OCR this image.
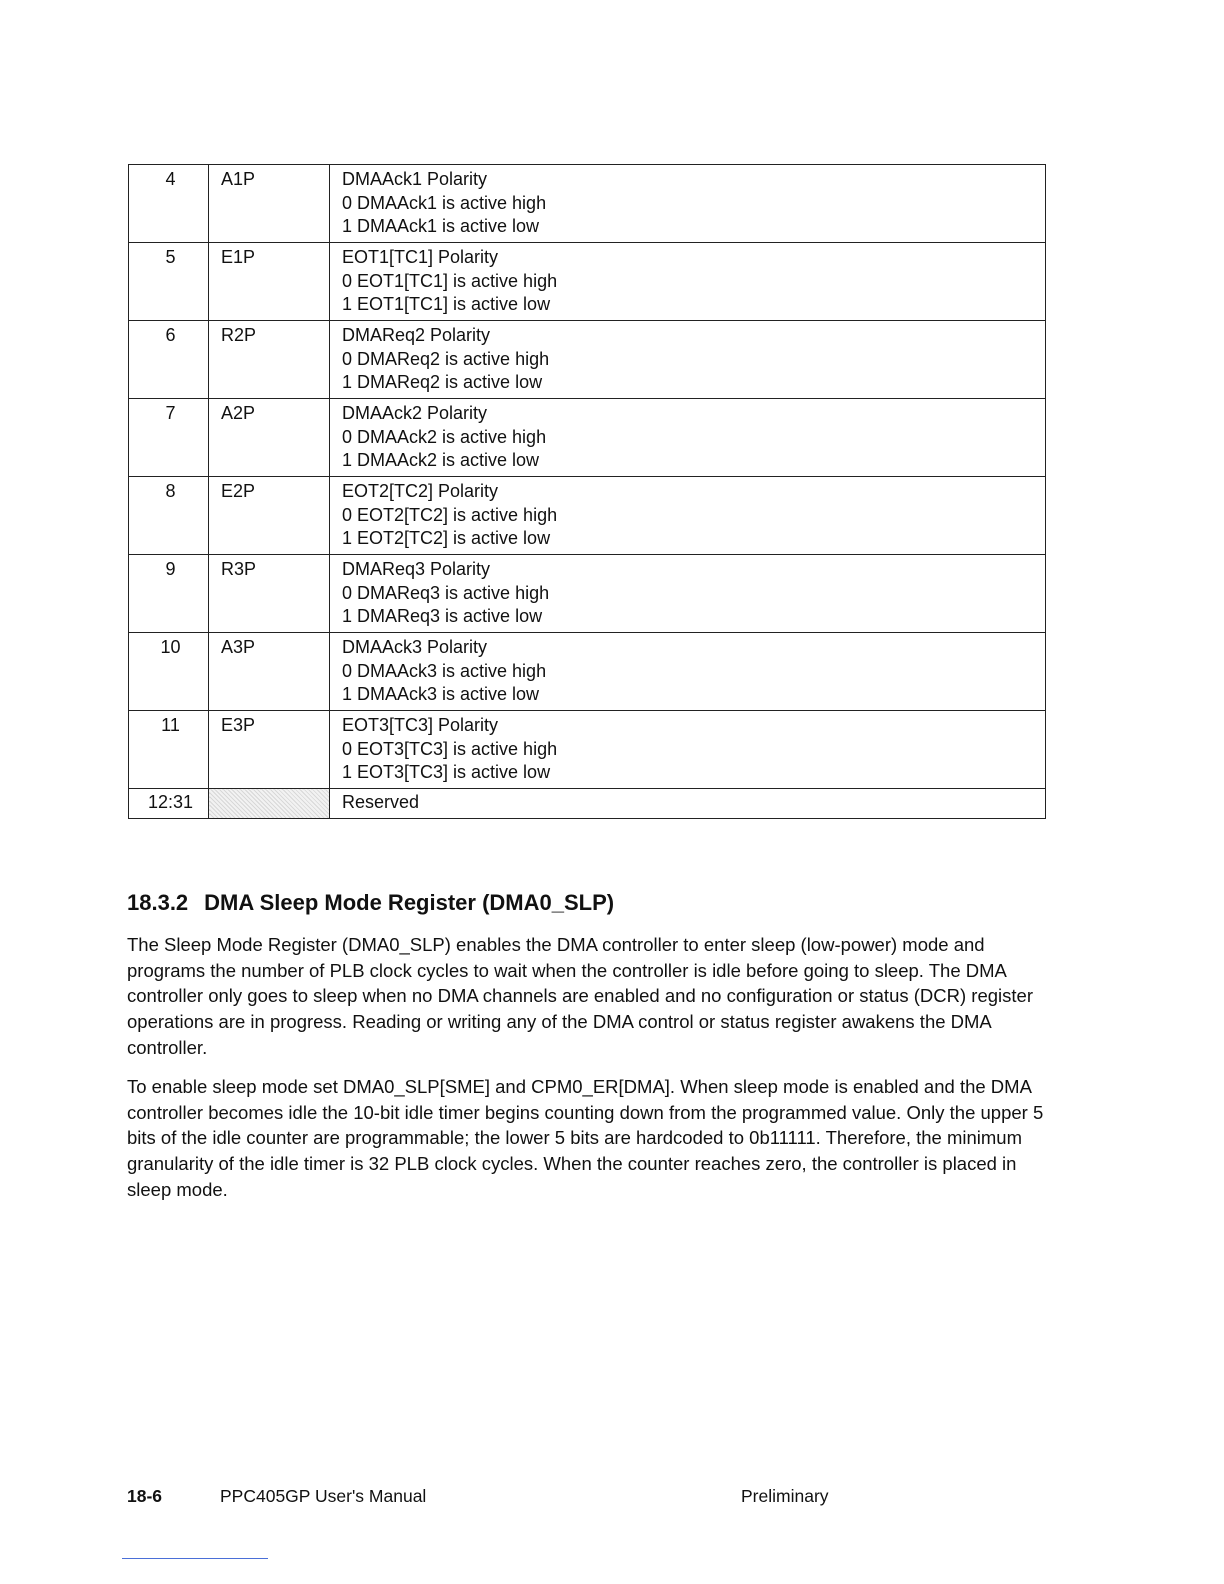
4	A1P	DMAAck1 Polarity
0 DMAAck1 is active high
1 DMAAck1 is active low

5	E1P	EOT1[TC1] Polarity
0 EOT1[TC1] is active high
1 EOT1[TC1] is active low

6	R2P	DMAReq2 Polarity
0 DMAReq2 is active high
1 DMAReq2 is active low

7	A2P	DMAAck2 Polarity
0 DMAAck2 is active high
1 DMAAck2 is active low

8	E2P	EOT2[TC2] Polarity
0 EOT2[TC2] is active high
1 EOT2[TC2] is active low

9	R3P	DMAReq3 Polarity
0 DMAReq3 is active high
1 DMAReq3 is active low

10	A3P	DMAAck3 Polarity
0 DMAAck3 is active high
1 DMAAck3 is active low

11	E3P	EOT3[TC3] Polarity
0 EOT3[TC3] is active high
1 EOT3[TC3] is active low

12:31		Reserved
18.3.2 DMA Sleep Mode Register (DMA0_SLP)

The Sleep Mode Register (DMA0_SLP) enables the DMA controller to enter sleep (low-power) mode and programs the number of PLB clock cycles to wait when the controller is idle before going to sleep. The DMA controller only goes to sleep when no DMA channels are enabled and no configuration or status (DCR) register operations are in progress. Reading or writing any of the DMA control or status register awakens the DMA controller.

To enable sleep mode set DMA0_SLP[SME] and CPM0_ER[DMA]. When sleep mode is enabled and the DMA controller becomes idle the 10-bit idle timer begins counting down from the programmed value. Only the upper 5 bits of the idle counter are programmable; the lower 5 bits are hardcoded to 0b11111. Therefore, the minimum granularity of the idle timer is 32 PLB clock cycles. When the counter reaches zero, the controller is placed in sleep mode.

18-6	PPC405GP User's Manual	Preliminary
